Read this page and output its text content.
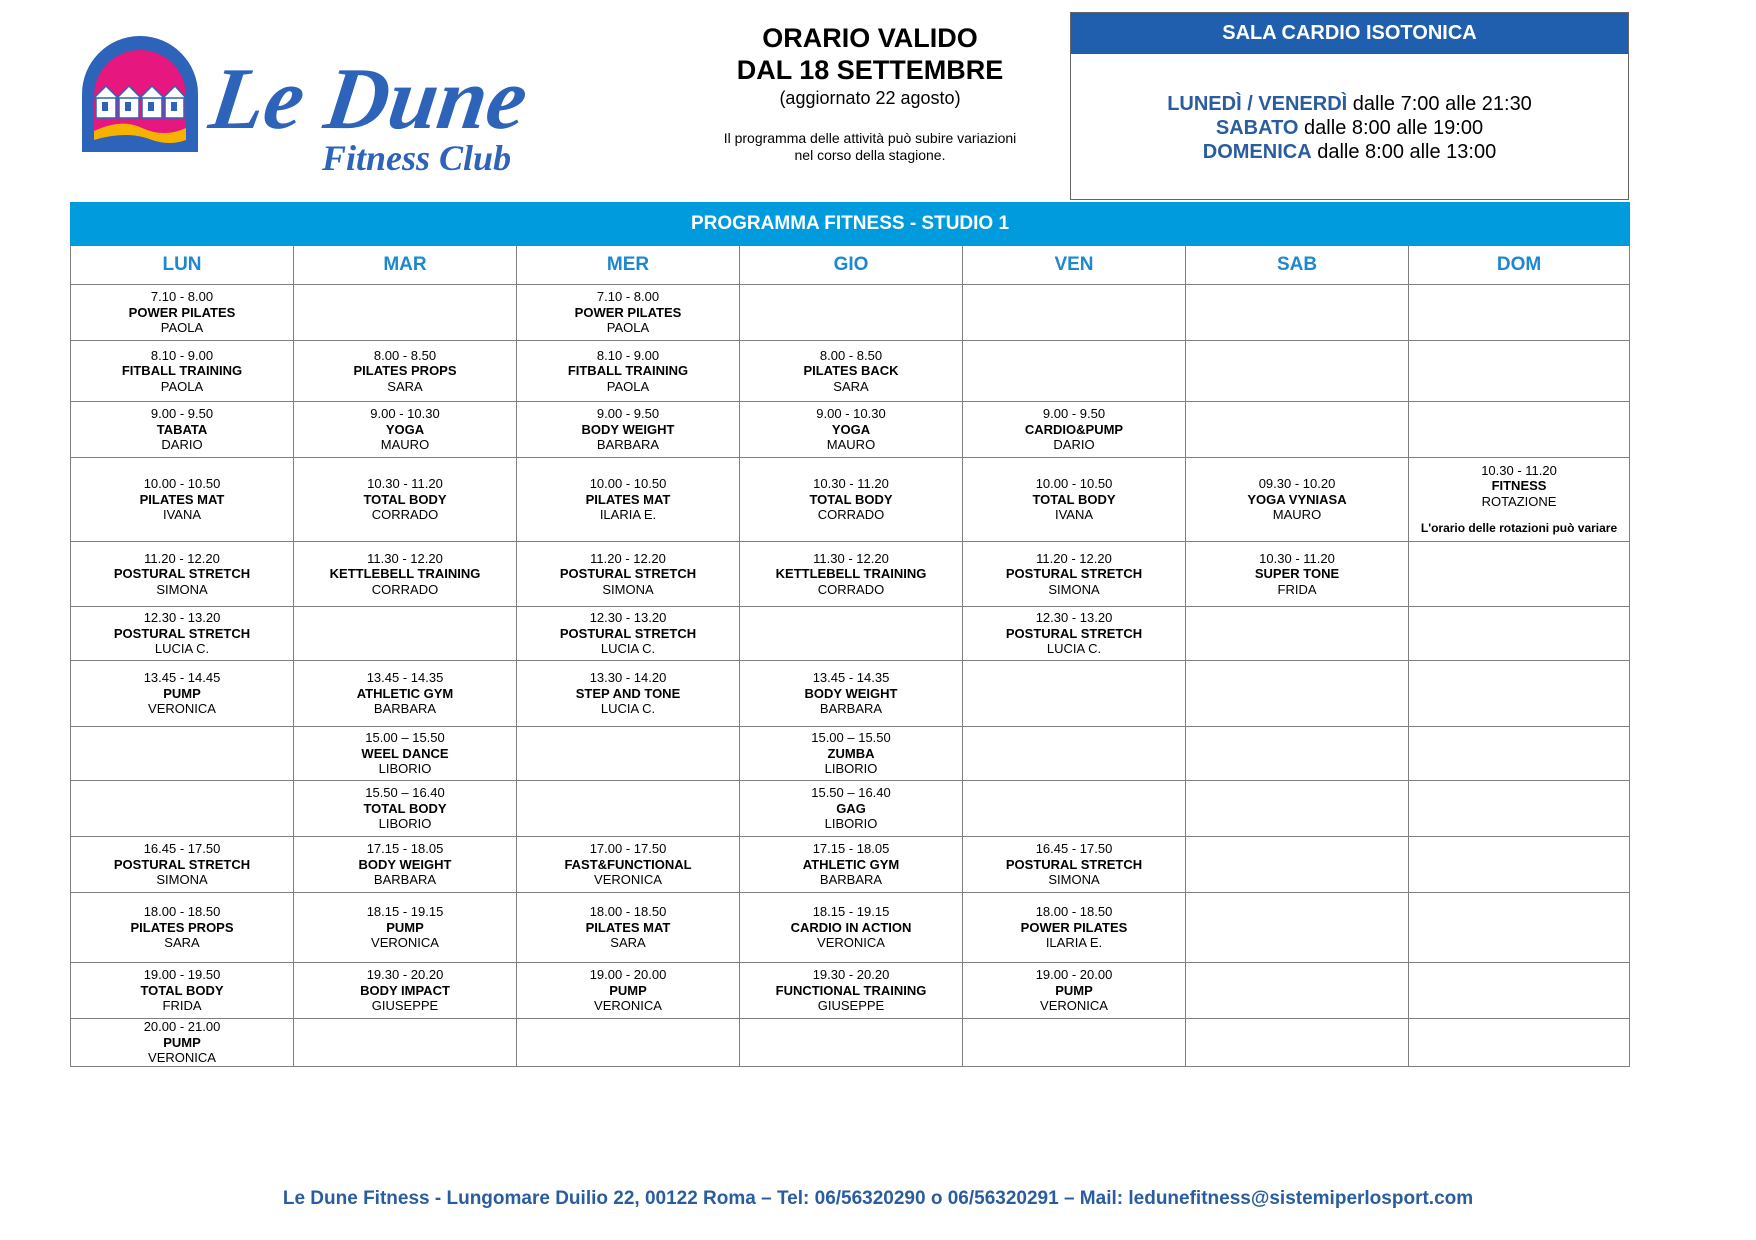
Le Dune
Fitness Club
ORARIO VALIDO
DAL 18 SETTEMBRE
(aggiornato 22 agosto)
Il programma delle attività può subire variazioni
nel corso della stagione.
SALA CARDIO ISOTONICA
LUNEDÌ / VENERDÌ dalle 7:00 alle 21:30
SABATO dalle 8:00 alle 19:00
DOMENICA dalle 8:00 alle 13:00
PROGRAMMA FITNESS - STUDIO 1						
LUN	MAR	MER	GIO	VEN	SAB	DOM

7.10 - 8.00
POWER PILATES
PAOLA		7.10 - 8.00
POWER PILATES
PAOLA				

8.10 - 9.00
FITBALL TRAINING
PAOLA	8.00 - 8.50
PILATES PROPS
SARA	8.10 - 9.00
FITBALL TRAINING
PAOLA	8.00 - 8.50
PILATES BACK
SARA			

9.00 - 9.50
TABATA
DARIO	9.00 - 10.30
YOGA
MAURO	9.00 - 9.50
BODY WEIGHT
BARBARA	9.00 - 10.30
YOGA
MAURO	9.00 - 9.50
CARDIO&PUMP
DARIO		

10.00 - 10.50
PILATES MAT
IVANA	10.30 - 11.20
TOTAL BODY
CORRADO	10.00 - 10.50
PILATES MAT
ILARIA E.	10.30 - 11.20
TOTAL BODY
CORRADO	10.00 - 10.50
TOTAL BODY
IVANA	09.30 - 10.20
YOGA VYNIASA
MAURO	10.30 - 11.20
FITNESS
ROTAZIONE
L'orario delle rotazioni può variare

11.20 - 12.20
POSTURAL STRETCH
SIMONA	11.30 - 12.20
KETTLEBELL TRAINING
CORRADO	11.20 - 12.20
POSTURAL STRETCH
SIMONA	11.30 - 12.20
KETTLEBELL TRAINING
CORRADO	11.20 - 12.20
POSTURAL STRETCH
SIMONA	10.30 - 11.20
SUPER TONE
FRIDA	

12.30 - 13.20
POSTURAL STRETCH
LUCIA C.		12.30 - 13.20
POSTURAL STRETCH
LUCIA C.		12.30 - 13.20
POSTURAL STRETCH
LUCIA C.		

13.45 - 14.45
PUMP
VERONICA	13.45 - 14.35
ATHLETIC GYM
BARBARA	13.30 - 14.20
STEP AND TONE
LUCIA C.	13.45 - 14.35
BODY WEIGHT
BARBARA			

	15.00 – 15.50
WEEL DANCE
LIBORIO		15.00 – 15.50
ZUMBA
LIBORIO			

	15.50 – 16.40
TOTAL BODY
LIBORIO		15.50 – 16.40
GAG
LIBORIO			

16.45 - 17.50
POSTURAL STRETCH
SIMONA	17.15 - 18.05
BODY WEIGHT
BARBARA	17.00 - 17.50
FAST&FUNCTIONAL
VERONICA	17.15 - 18.05
ATHLETIC GYM
BARBARA	16.45 - 17.50
POSTURAL STRETCH
SIMONA		

18.00 - 18.50
PILATES PROPS
SARA	18.15 - 19.15
PUMP
VERONICA	18.00 - 18.50
PILATES MAT
SARA	18.15 - 19.15
CARDIO IN ACTION
VERONICA	18.00 - 18.50
POWER PILATES
ILARIA E.		

19.00 - 19.50
TOTAL BODY
FRIDA	19.30 - 20.20
BODY IMPACT
GIUSEPPE	19.00 - 20.00
PUMP
VERONICA	19.30 - 20.20
FUNCTIONAL TRAINING
GIUSEPPE	19.00 - 20.00
PUMP
VERONICA		

20.00 - 21.00
PUMP
VERONICA						

Le Dune Fitness - Lungomare Duilio 22, 00122 Roma – Tel: 06/56320290 o 06/56320291 – Mail: ledunefitness@sistemiperlosport.com
